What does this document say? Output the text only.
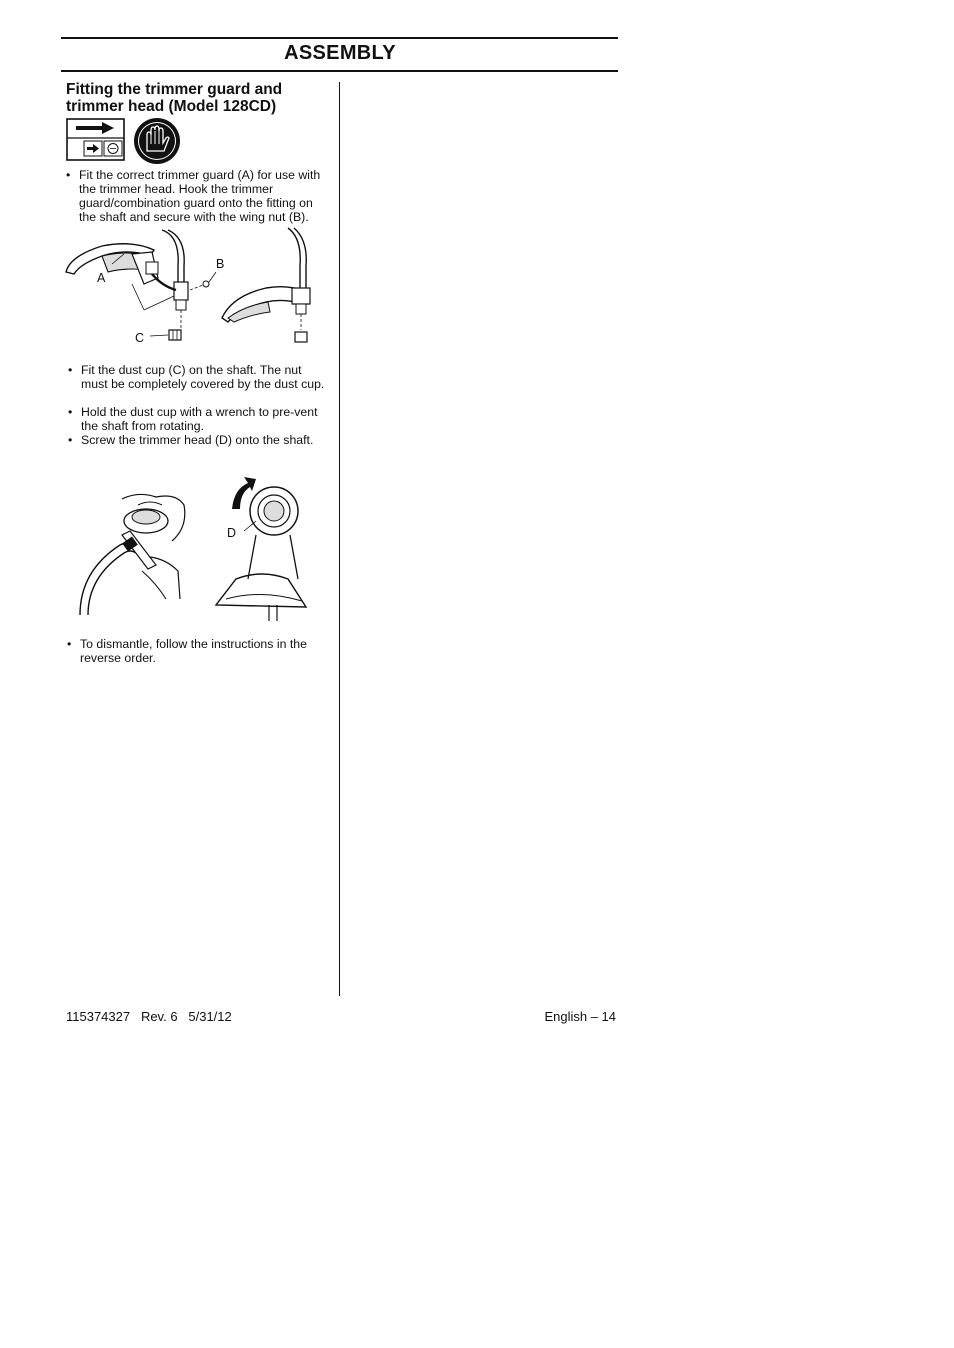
ASSEMBLY
Fitting the trimmer guard and trimmer head (Model 128CD)
• Fit the correct trimmer guard (A) for use with the trimmer head. Hook the trimmer guard/combination guard onto the fitting on the shaft and secure with the wing nut (B).
A
B
C
• Fit the dust cup (C) on the shaft. The nut must be completely covered by the dust cup.
• Hold the dust cup with a wrench to pre-vent the shaft from rotating.
• Screw the trimmer head (D) onto the shaft.
D
• To dismantle, follow the instructions in the reverse order.
115374327   Rev. 6   5/31/12	English – 14
